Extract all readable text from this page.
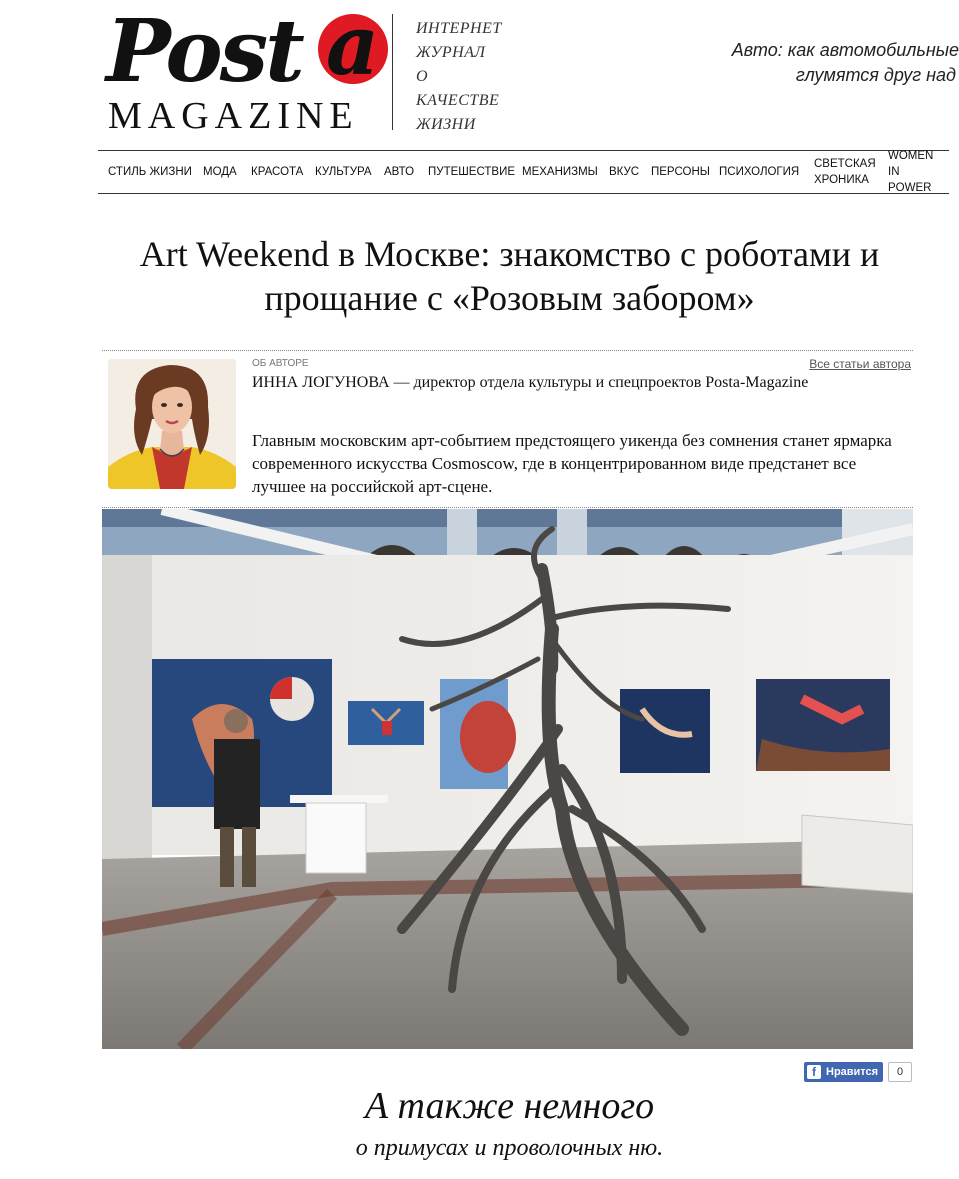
Post a
MAGAZINE
ИНТЕРНЕТ
ЖУРНАЛ
О
КАЧЕСТВЕ
ЖИЗНИ
Авто: как автомобильные
глумятся друг над
СТИЛЬ ЖИЗНИ МОДА КРАСОТА КУЛЬТУРА АВТО ПУТЕШЕСТВИЕ МЕХАНИЗМЫ ВКУС ПЕРСОНЫ ПСИХОЛОГИЯ
СВЕТСКАЯ ХРОНИКА
WOMEN IN POWER
Art Weekend в Москве: знакомство с роботами и
прощание с «Розовым забором»
ОБ АВТОРЕ	Все статьи автора
ИННА ЛОГУНОВА — директор отдела культуры и спецпроектов Posta-Magazine
Главным московским арт-событием предстоящего уикенда без сомнения станет ярмарка современного искусства Cosmoscow, где в концентрированном виде предстанет все лучшее на российской арт-сцене.
f Нравится	0
А также немного
о примусах и проволочных ню.
